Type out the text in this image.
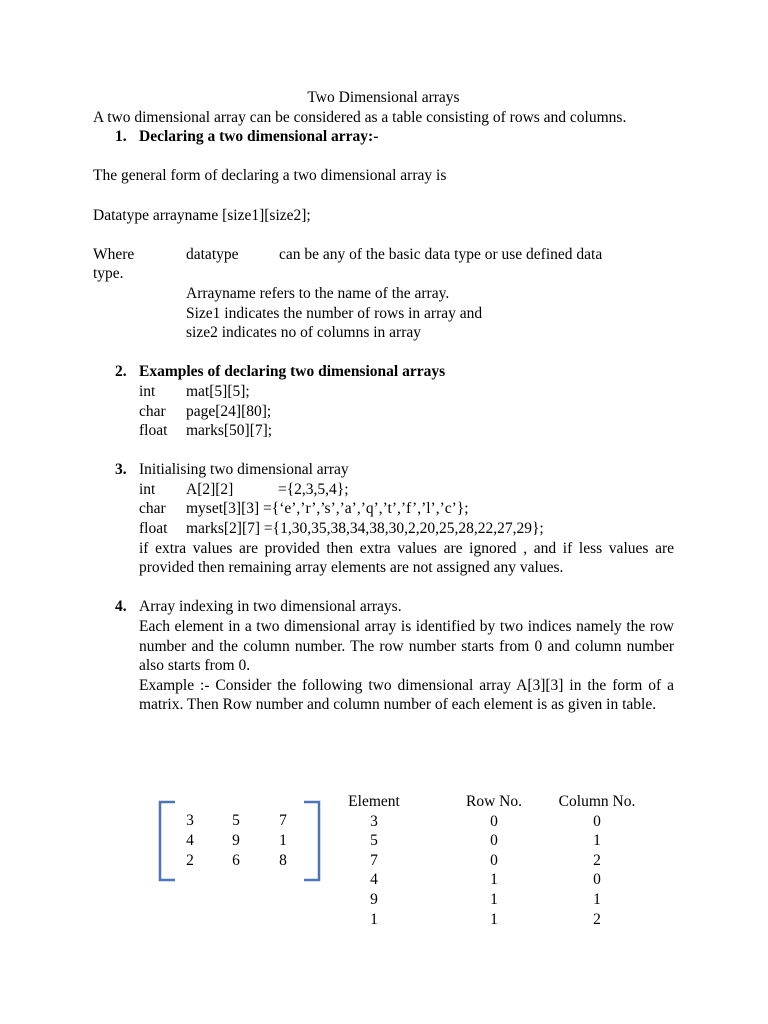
Two Dimensional arrays
A two dimensional array can be considered as a table consisting of rows and columns.
1. Declaring a two dimensional array:-
The general form of declaring a two dimensional array is
Datatype arrayname [size1][size2];
Where	datatype	can be any of the basic data type or use defined data
type.
Arrayname refers to the name of the array.
Size1 indicates the number of rows in array and
size2 indicates no of columns in array
2. Examples of declaring two dimensional arrays
int mat[5][5];
char page[24][80];
float marks[50][7];
3. Initialising two dimensional array
int A[2][2]	={2,3,5,4};
char myset[3][3] ={‘e’,’r’,’s’,’a’,’q’,’t’,’f’,’l’,’c’};
float marks[2][7] ={1,30,35,38,34,38,30,2,20,25,28,22,27,29};
if extra values are provided then extra values are ignored , and if less values are provided then remaining array elements are not assigned any values.
4. Array indexing in two dimensional arrays.
Each element in a two dimensional array is identified by two indices namely the row number and the column number. The row number starts from 0 and column number also starts from 0.
Example :- Consider the following two dimensional array A[3][3] in the form of a matrix. Then Row number and column number of each element is as given in table.
3	5	7
4	9	1
2	6	8
Element	Row No.	Column No.
3	0	0
5	0	1
7	0	2
4	1	0
9	1	1
1	1	2
